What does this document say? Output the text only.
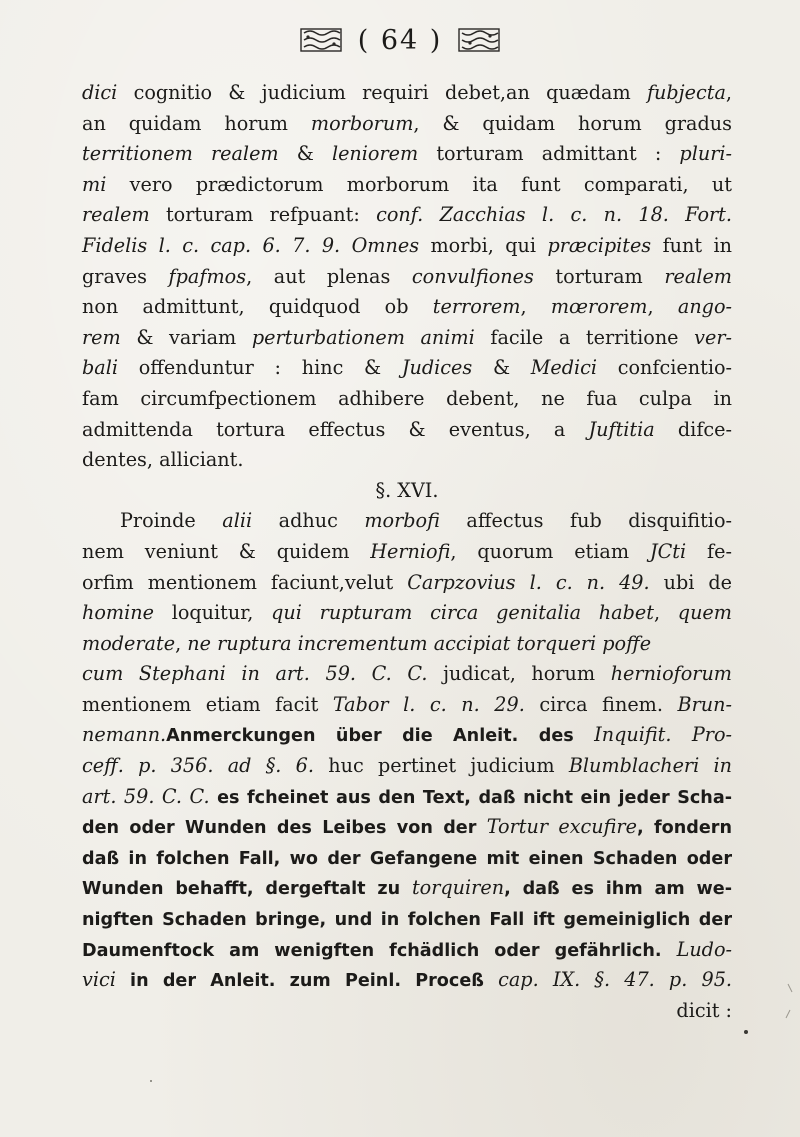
( 64 )
dici cognitio & judicium requiri debet,an quædam fubjecta,
an quidam horum morborum, & quidam horum gradus
territionem realem & leniorem torturam admittant : pluri-
mi vero prædictorum morborum ita funt comparati, ut
realem torturam refpuant: conf. Zacchias l. c. n. 18. Fort.
Fidelis l. c. cap. 6. 7. 9. Omnes morbi, qui præcipites funt in
graves fpafmos, aut plenas convulfiones torturam realem
non admittunt, quidquod ob terrorem, mœrorem, ango-
rem & variam perturbationem animi facile a territione ver-
bali offenduntur : hinc & Judices & Medici confcientio-
fam circumfpectionem adhibere debent, ne fua culpa in
admittenda tortura effectus & eventus, a Juftitia difce-
dentes, alliciant.
§. XVI.
Proinde alii adhuc morbofi affectus fub disquifitio-
nem veniunt & quidem Herniofi, quorum etiam JCti fe-
orfim mentionem faciunt,velut Carpzovius l. c. n. 49. ubi de
homine loquitur, qui rupturam circa genitalia habet, quem
moderate, ne ruptura incrementum accipiat torqueri poffe
cum Stephani in art. 59. C. C. judicat, horum hernioforum
mentionem etiam facit Tabor l. c. n. 29. circa finem. Brun-
nemann.Anmerckungen über die Anleit. des Inquifit. Pro-
ceff. p. 356. ad §. 6. huc pertinet judicium Blumblacheri in
art. 59. C. C. es fcheinet aus den Text, daß nicht ein jeder Scha-
den oder Wunden des Leibes von der Tortur excufire, fondern
daß in folchen Fall, wo der Gefangene mit einen Schaden oder
Wunden behafft, dergeftalt zu torquiren, daß es ihm am we-
nigften Schaden bringe, und in folchen Fall ift gemeiniglich der
Daumenftock am wenigften fchädlich oder gefährlich. Ludo-
vici in der Anleit. zum Peinl. Proceß cap. IX. §. 47. p. 95.
dicit :
